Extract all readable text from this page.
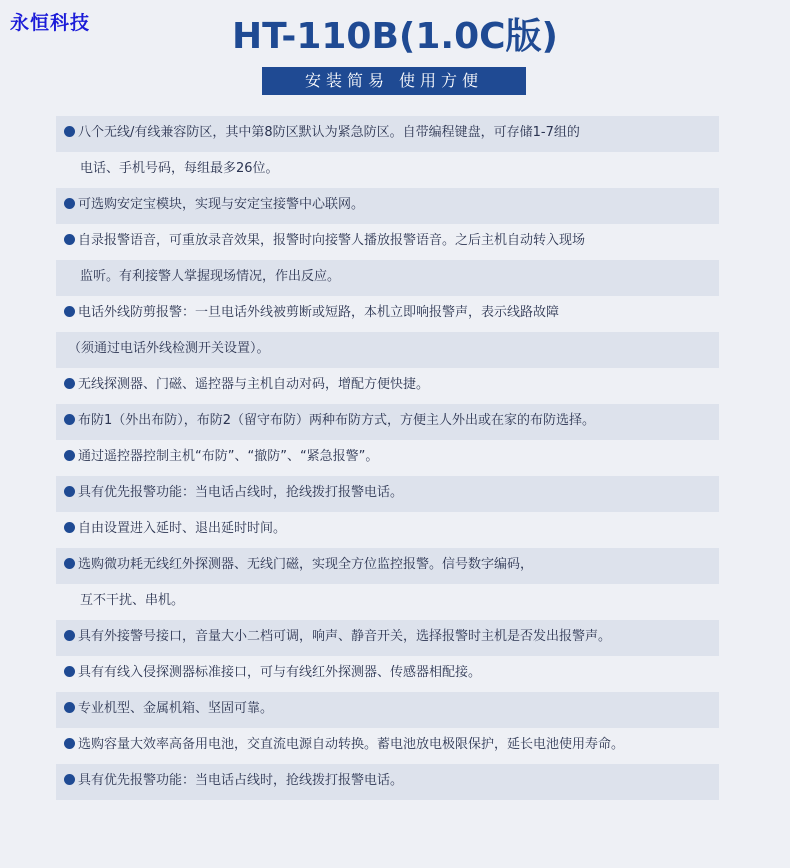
永恒科技	HT-110B(1.0C版)
安装简易 使用方便
八个无线/有线兼容防区，其中第8防区默认为紧急防区。自带编程键盘，可存储1-7组的
电话、手机号码，每组最多26位。
可选购安定宝模块，实现与安定宝接警中心联网。
自录报警语音，可重放录音效果，报警时向接警人播放报警语音。之后主机自动转入现场
监听。有利接警人掌握现场情况，作出反应。
电话外线防剪报警：一旦电话外线被剪断或短路，本机立即响报警声，表示线路故障
（须通过电话外线检测开关设置）。
无线探测器、门磁、遥控器与主机自动对码，增配方便快捷。
布防1（外出布防），布防2（留守布防）两种布防方式，方便主人外出或在家的布防选择。
通过遥控器控制主机“布防”、“撤防”、“紧急报警”。
具有优先报警功能：当电话占线时，抢线拨打报警电话。
自由设置进入延时、退出延时时间。
选购微功耗无线红外探测器、无线门磁，实现全方位监控报警。信号数字编码，
互不干扰、串机。
具有外接警号接口，音量大小二档可调，响声、静音开关，选择报警时主机是否发出报警声。
具有有线入侵探测器标准接口，可与有线红外探测器、传感器相配接。
专业机型、金属机箱、坚固可靠。
选购容量大效率高备用电池，交直流电源自动转换。蓄电池放电极限保护，延长电池使用寿命。
具有优先报警功能：当电话占线时，抢线拨打报警电话。
